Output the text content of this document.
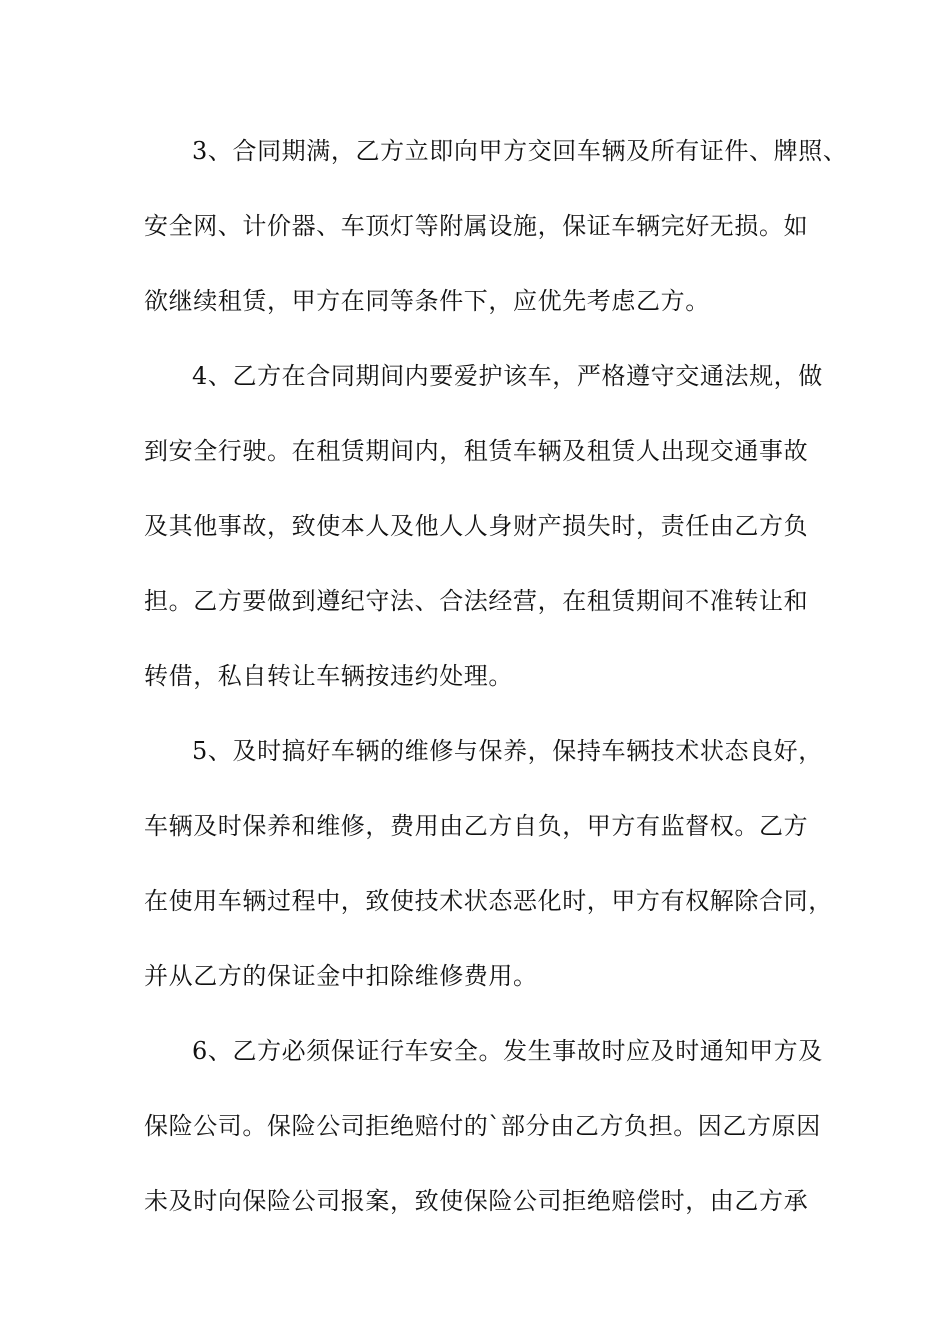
3、合同期满，乙方立即向甲方交回车辆及所有证件、牌照、
安全网、计价器、车顶灯等附属设施，保证车辆完好无损。如
欲继续租赁，甲方在同等条件下，应优先考虑乙方。
4、乙方在合同期间内要爱护该车，严格遵守交通法规，做
到安全行驶。在租赁期间内，租赁车辆及租赁人出现交通事故
及其他事故，致使本人及他人人身财产损失时，责任由乙方负
担。乙方要做到遵纪守法、合法经营，在租赁期间不准转让和
转借，私自转让车辆按违约处理。
5、及时搞好车辆的维修与保养，保持车辆技术状态良好，
车辆及时保养和维修，费用由乙方自负，甲方有监督权。乙方
在使用车辆过程中，致使技术状态恶化时，甲方有权解除合同，
并从乙方的保证金中扣除维修费用。
6、乙方必须保证行车安全。发生事故时应及时通知甲方及
保险公司。保险公司拒绝赔付的`部分由乙方负担。因乙方原因
未及时向保险公司报案，致使保险公司拒绝赔偿时，由乙方承
